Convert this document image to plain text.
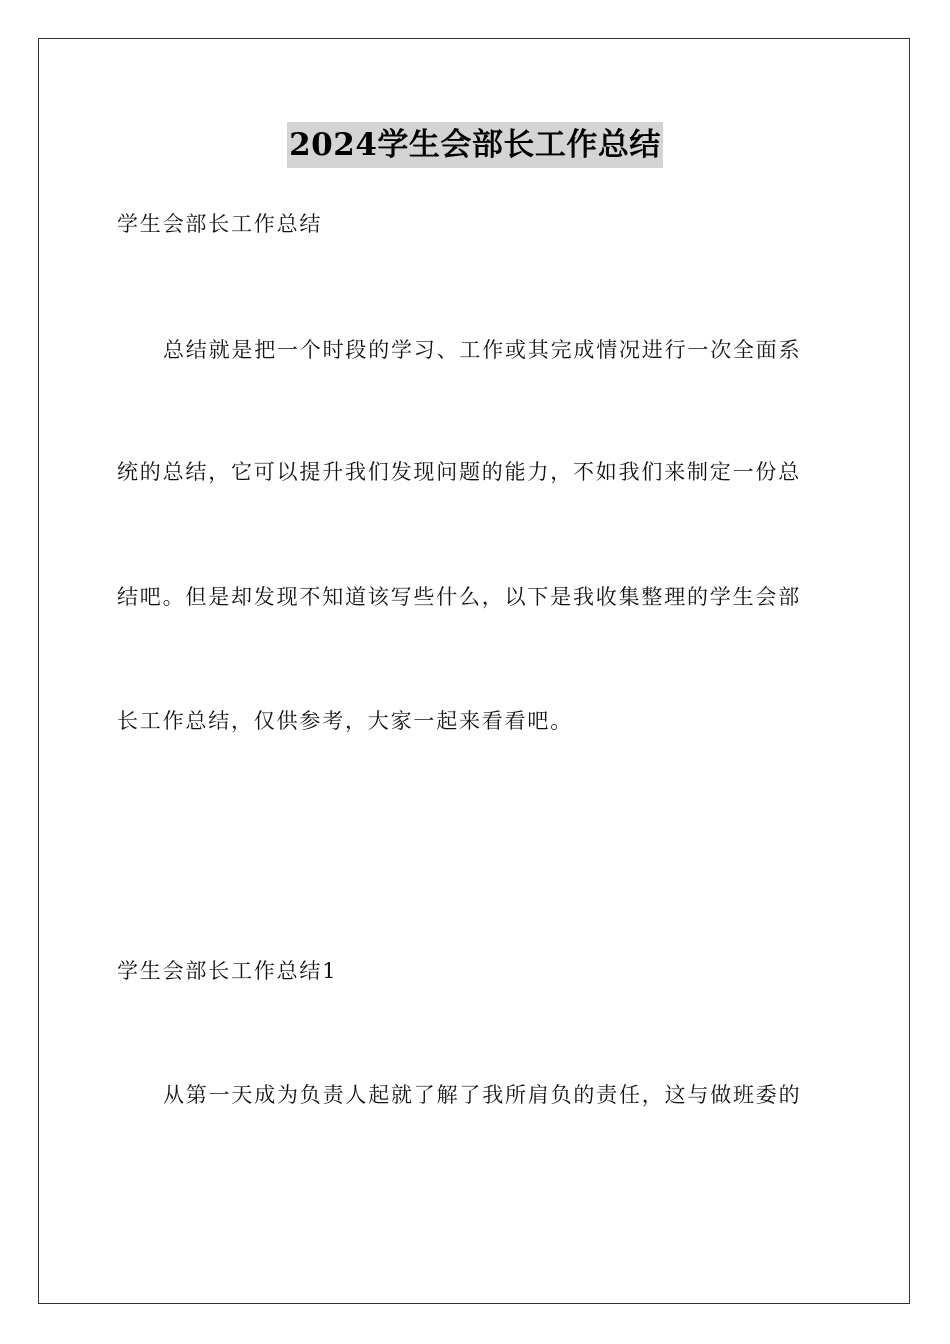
2024学生会部长工作总结
学生会部长工作总结
总结就是把一个时段的学习、工作或其完成情况进行一次全面系
统的总结，它可以提升我们发现问题的能力，不如我们来制定一份总
结吧。但是却发现不知道该写些什么，以下是我收集整理的学生会部
长工作总结，仅供参考，大家一起来看看吧。
学生会部长工作总结1
从第一天成为负责人起就了解了我所肩负的责任，这与做班委的
